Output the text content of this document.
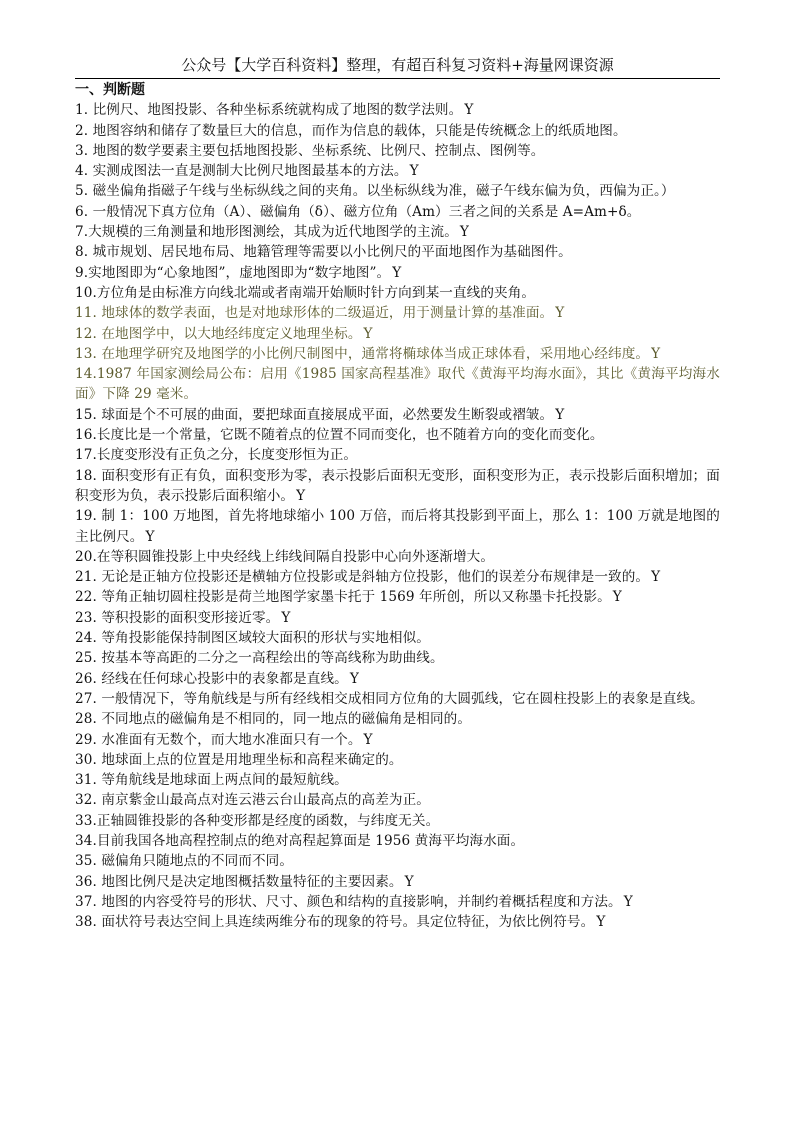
公众号【大学百科资料】整理，有超百科复习资料+海量网课资源
一、判断题
1. 比例尺、地图投影、各种坐标系统就构成了地图的数学法则。 Y
2. 地图容纳和储存了数量巨大的信息，而作为信息的载体，只能是传统概念上的纸质地图。
3. 地图的数学要素主要包括地图投影、坐标系统、比例尺、控制点、图例等。
4. 实测成图法一直是测制大比例尺地图最基本的方法。 Y
5. 磁坐偏角指磁子午线与坐标纵线之间的夹角。以坐标纵线为准，磁子午线东偏为负，西偏为正。）
6. 一般情况下真方位角（A）、磁偏角（δ）、磁方位角（Am）三者之间的关系是 A=Am+δ。
7.大规模的三角测量和地形图测绘，其成为近代地图学的主流。 Y
8. 城市规划、居民地布局、地籍管理等需要以小比例尺的平面地图作为基础图件。
9.实地图即为“心象地图”，虚地图即为“数字地图”。 Y
10.方位角是由标准方向线北端或者南端开始顺时针方向到某一直线的夹角。
11. 地球体的数学表面，也是对地球形体的二级逼近，用于测量计算的基准面。 Y
12. 在地图学中，以大地经纬度定义地理坐标。 Y
13. 在地理学研究及地图学的小比例尺制图中，通常将椭球体当成正球体看，采用地心经纬度。 Y
14.1987 年国家测绘局公布：启用《1985 国家高程基准》取代《黄海平均海水面》，其比《黄海平均海水面》下降 29 毫米。
15. 球面是个不可展的曲面，要把球面直接展成平面，必然要发生断裂或褶皱。 Y
16.长度比是一个常量，它既不随着点的位置不同而变化，也不随着方向的变化而变化。
17.长度变形没有正负之分，长度变形恒为正。
18. 面积变形有正有负，面积变形为零，表示投影后面积无变形，面积变形为正，表示投影后面积增加；面积变形为负，表示投影后面积缩小。 Y
19. 制 1：100 万地图，首先将地球缩小 100 万倍，而后将其投影到平面上，那么 1：100 万就是地图的主比例尺。 Y
20.在等积圆锥投影上中央经线上纬线间隔自投影中心向外逐渐增大。
21. 无论是正轴方位投影还是横轴方位投影或是斜轴方位投影，他们的误差分布规律是一致的。 Y
22. 等角正轴切圆柱投影是荷兰地图学家墨卡托于 1569 年所创，所以又称墨卡托投影。 Y
23. 等积投影的面积变形接近零。 Y
24. 等角投影能保持制图区域较大面积的形状与实地相似。
25. 按基本等高距的二分之一高程绘出的等高线称为助曲线。
26. 经线在任何球心投影中的表象都是直线。 Y
27. 一般情况下，等角航线是与所有经线相交成相同方位角的大圆弧线，它在圆柱投影上的表象是直线。
28. 不同地点的磁偏角是不相同的，同一地点的磁偏角是相同的。
29. 水准面有无数个，而大地水准面只有一个。 Y
30. 地球面上点的位置是用地理坐标和高程来确定的。
31. 等角航线是地球面上两点间的最短航线。
32. 南京紫金山最高点对连云港云台山最高点的高差为正。
33.正轴圆锥投影的各种变形都是经度的函数，与纬度无关。
34.目前我国各地高程控制点的绝对高程起算面是 1956 黄海平均海水面。
35. 磁偏角只随地点的不同而不同。
36. 地图比例尺是决定地图概括数量特征的主要因素。 Y
37. 地图的内容受符号的形状、尺寸、颜色和结构的直接影响，并制约着概括程度和方法。 Y
38. 面状符号表达空间上具连续两维分布的现象的符号。具定位特征，为依比例符号。 Y
